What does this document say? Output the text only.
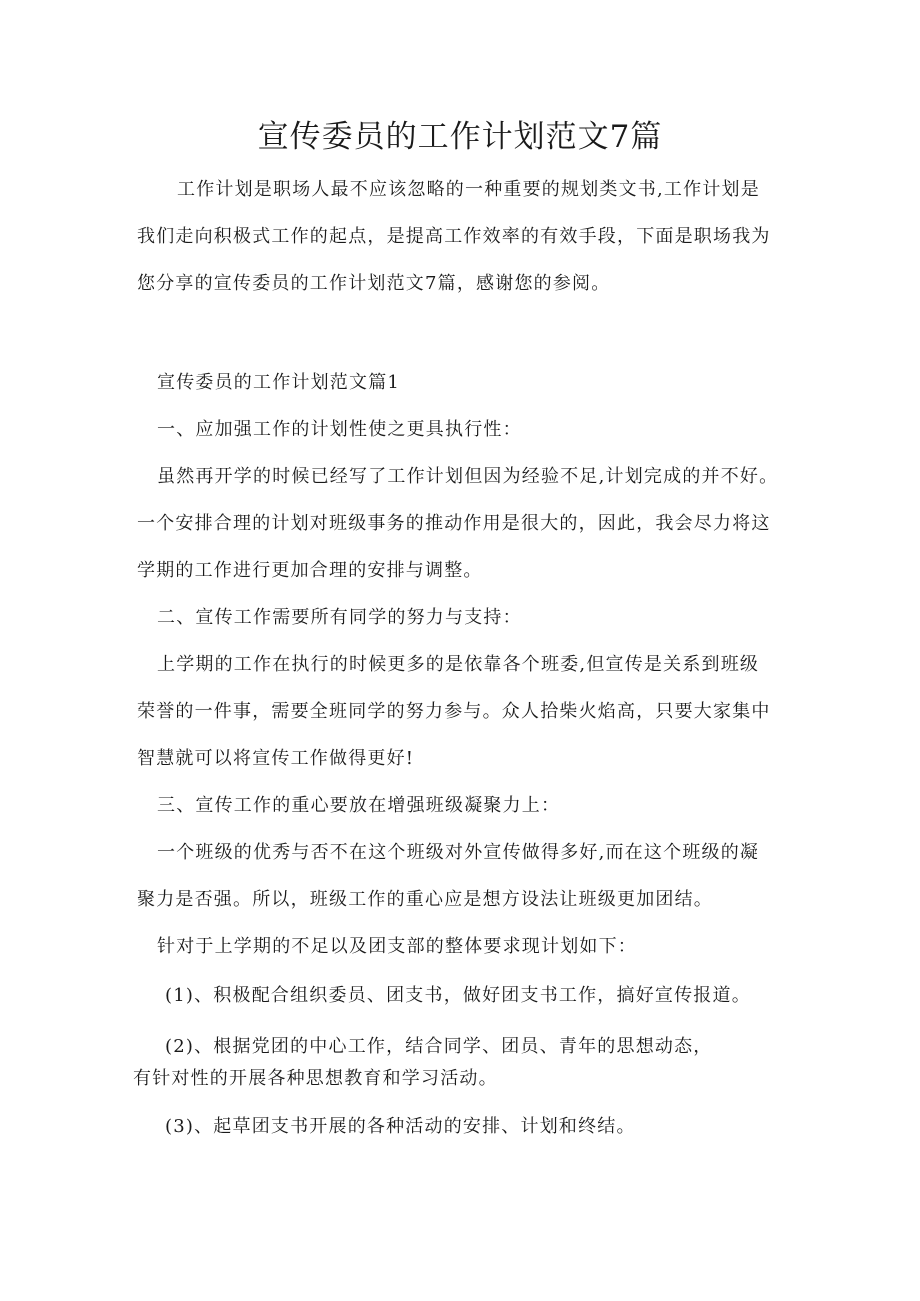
宣传委员的工作计划范文7篇

工作计划是职场人最不应该忽略的一种重要的规划类文书,工作计划是

我们走向积极式工作的起点，是提高工作效率的有效手段，下面是职场我为

您分享的宣传委员的工作计划范文7篇，感谢您的参阅。

宣传委员的工作计划范文篇1

一、应加强工作的计划性使之更具执行性：

虽然再开学的时候已经写了工作计划但因为经验不足,计划完成的并不好。

一个安排合理的计划对班级事务的推动作用是很大的，因此，我会尽力将这

学期的工作进行更加合理的安排与调整。

二、宣传工作需要所有同学的努力与支持：

上学期的工作在执行的时候更多的是依靠各个班委,但宣传是关系到班级

荣誉的一件事，需要全班同学的努力参与。众人拾柴火焰高，只要大家集中

智慧就可以将宣传工作做得更好!

三、宣传工作的重心要放在增强班级凝聚力上：

一个班级的优秀与否不在这个班级对外宣传做得多好,而在这个班级的凝

聚力是否强。所以，班级工作的重心应是想方设法让班级更加团结。

针对于上学期的不足以及团支部的整体要求现计划如下：

(1)、积极配合组织委员、团支书，做好团支书工作，搞好宣传报道。

(2)、根据党团的中心工作，结合同学、团员、青年的思想动态，

有针对性的开展各种思想教育和学习活动。

(3)、起草团支书开展的各种活动的安排、计划和终结。
